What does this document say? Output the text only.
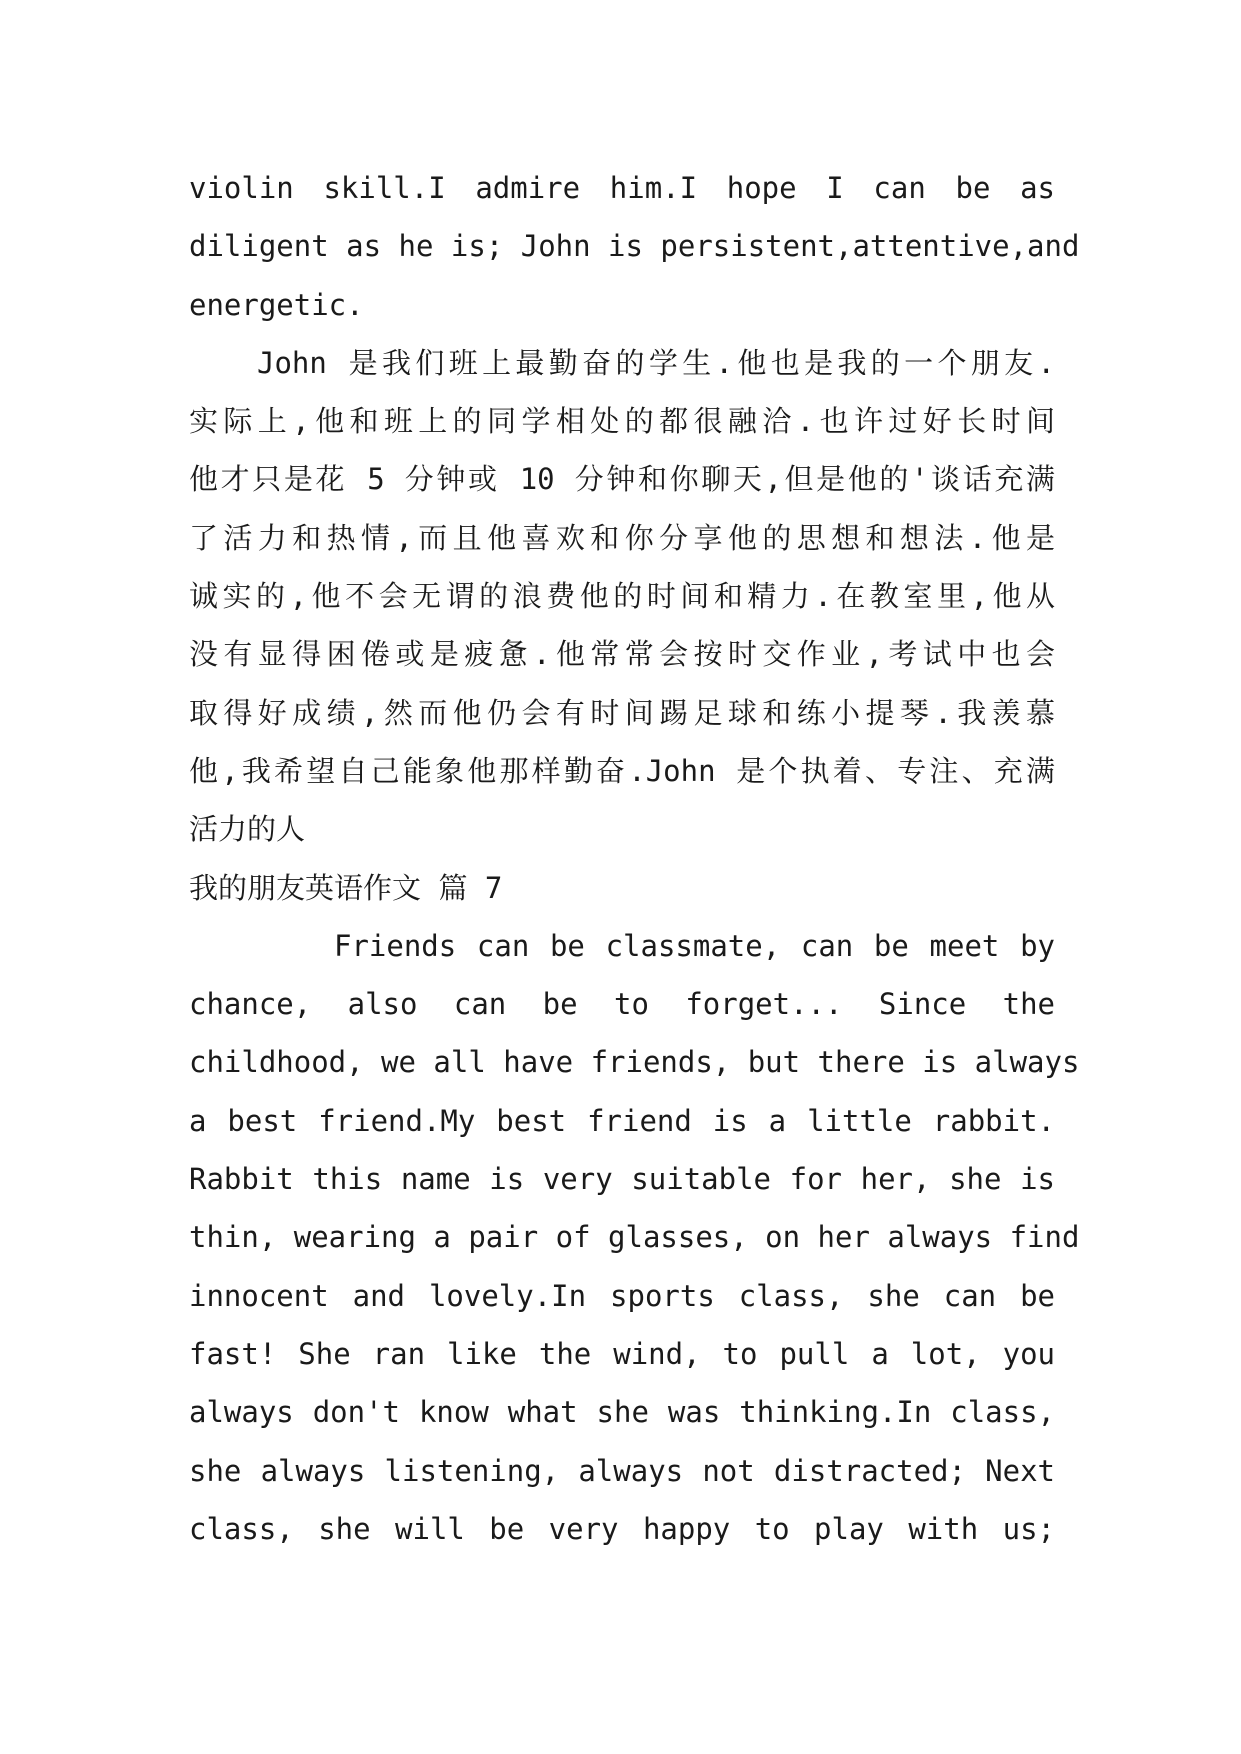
violin skill.I admire him.I hope I can be as
diligent as he is; John is persistent,attentive,and
energetic.
John 是我们班上最勤奋的学生.他也是我的一个朋友.
实际上,他和班上的同学相处的都很融洽.也许过好长时间
他才只是花 5 分钟或 10 分钟和你聊天,但是他的'谈话充满
了活力和热情,而且他喜欢和你分享他的思想和想法.他是
诚实的,他不会无谓的浪费他的时间和精力.在教室里,他从
没有显得困倦或是疲惫.他常常会按时交作业,考试中也会
取得好成绩,然而他仍会有时间踢足球和练小提琴.我羡慕
他,我希望自己能象他那样勤奋.John 是个执着、专注、充满
活力的人
我的朋友英语作文 篇 7
Friends can be classmate, can be meet by
chance, also can be to forget... Since the
childhood, we all have friends, but there is always
a best friend.My best friend is a little rabbit.
Rabbit this name is very suitable for her, she is
thin, wearing a pair of glasses, on her always find
innocent and lovely.In sports class, she can be
fast! She ran like the wind, to pull a lot, you
always don't know what she was thinking.In class,
she always listening, always not distracted; Next
class, she will be very happy to play with us;
